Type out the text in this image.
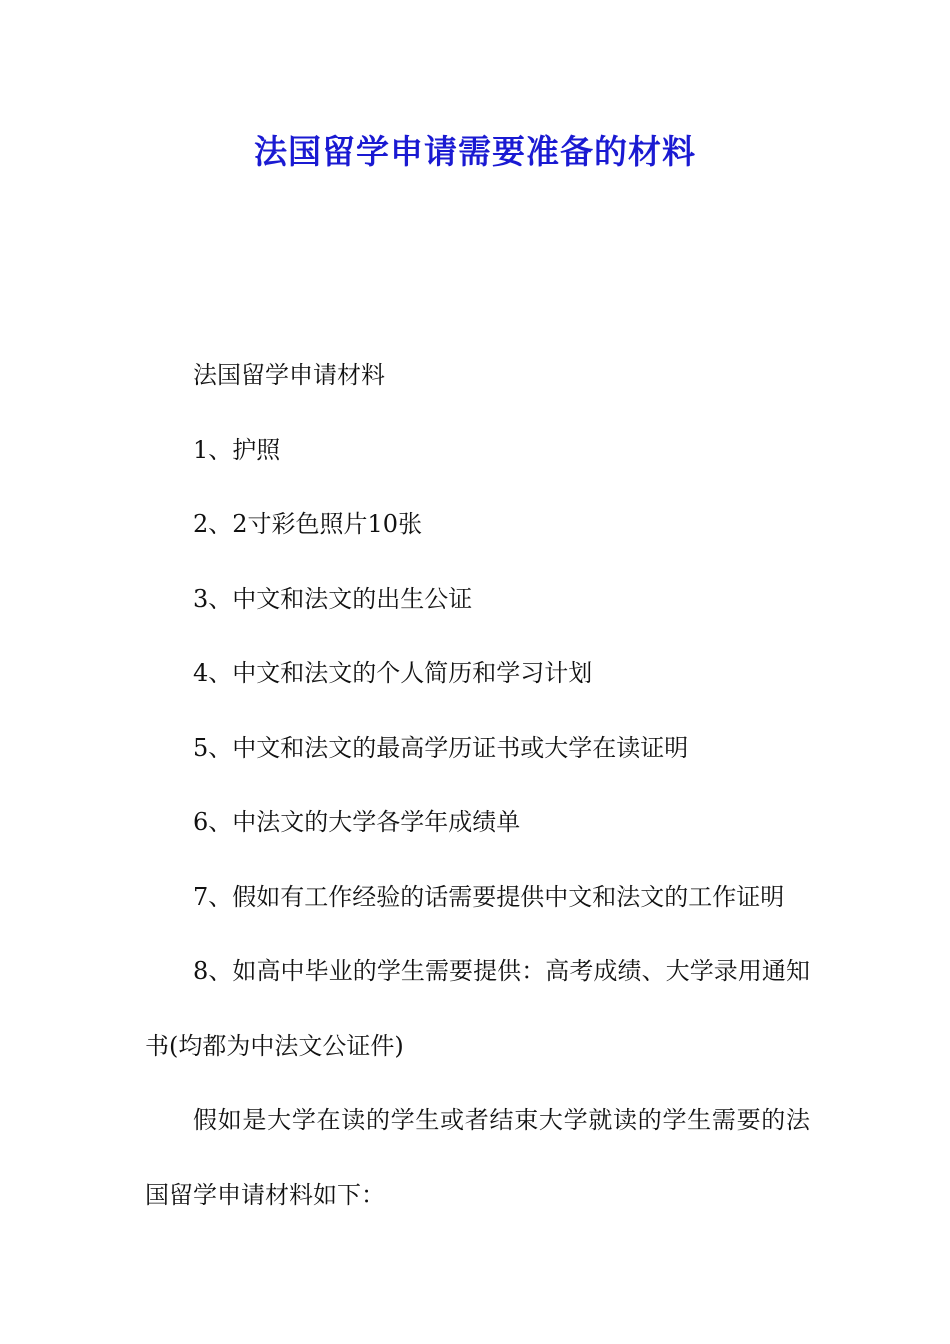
法国留学申请需要准备的材料

法国留学申请材料

1、护照

2、2寸彩色照片10张

3、中文和法文的出生公证

4、中文和法文的个人简历和学习计划

5、中文和法文的最高学历证书或大学在读证明

6、中法文的大学各学年成绩单

7、假如有工作经验的话需要提供中文和法文的工作证明

8、如高中毕业的学生需要提供：高考成绩、大学录用通知书(均都为中法文公证件)

假如是大学在读的学生或者结束大学就读的学生需要的法国留学申请材料如下：
